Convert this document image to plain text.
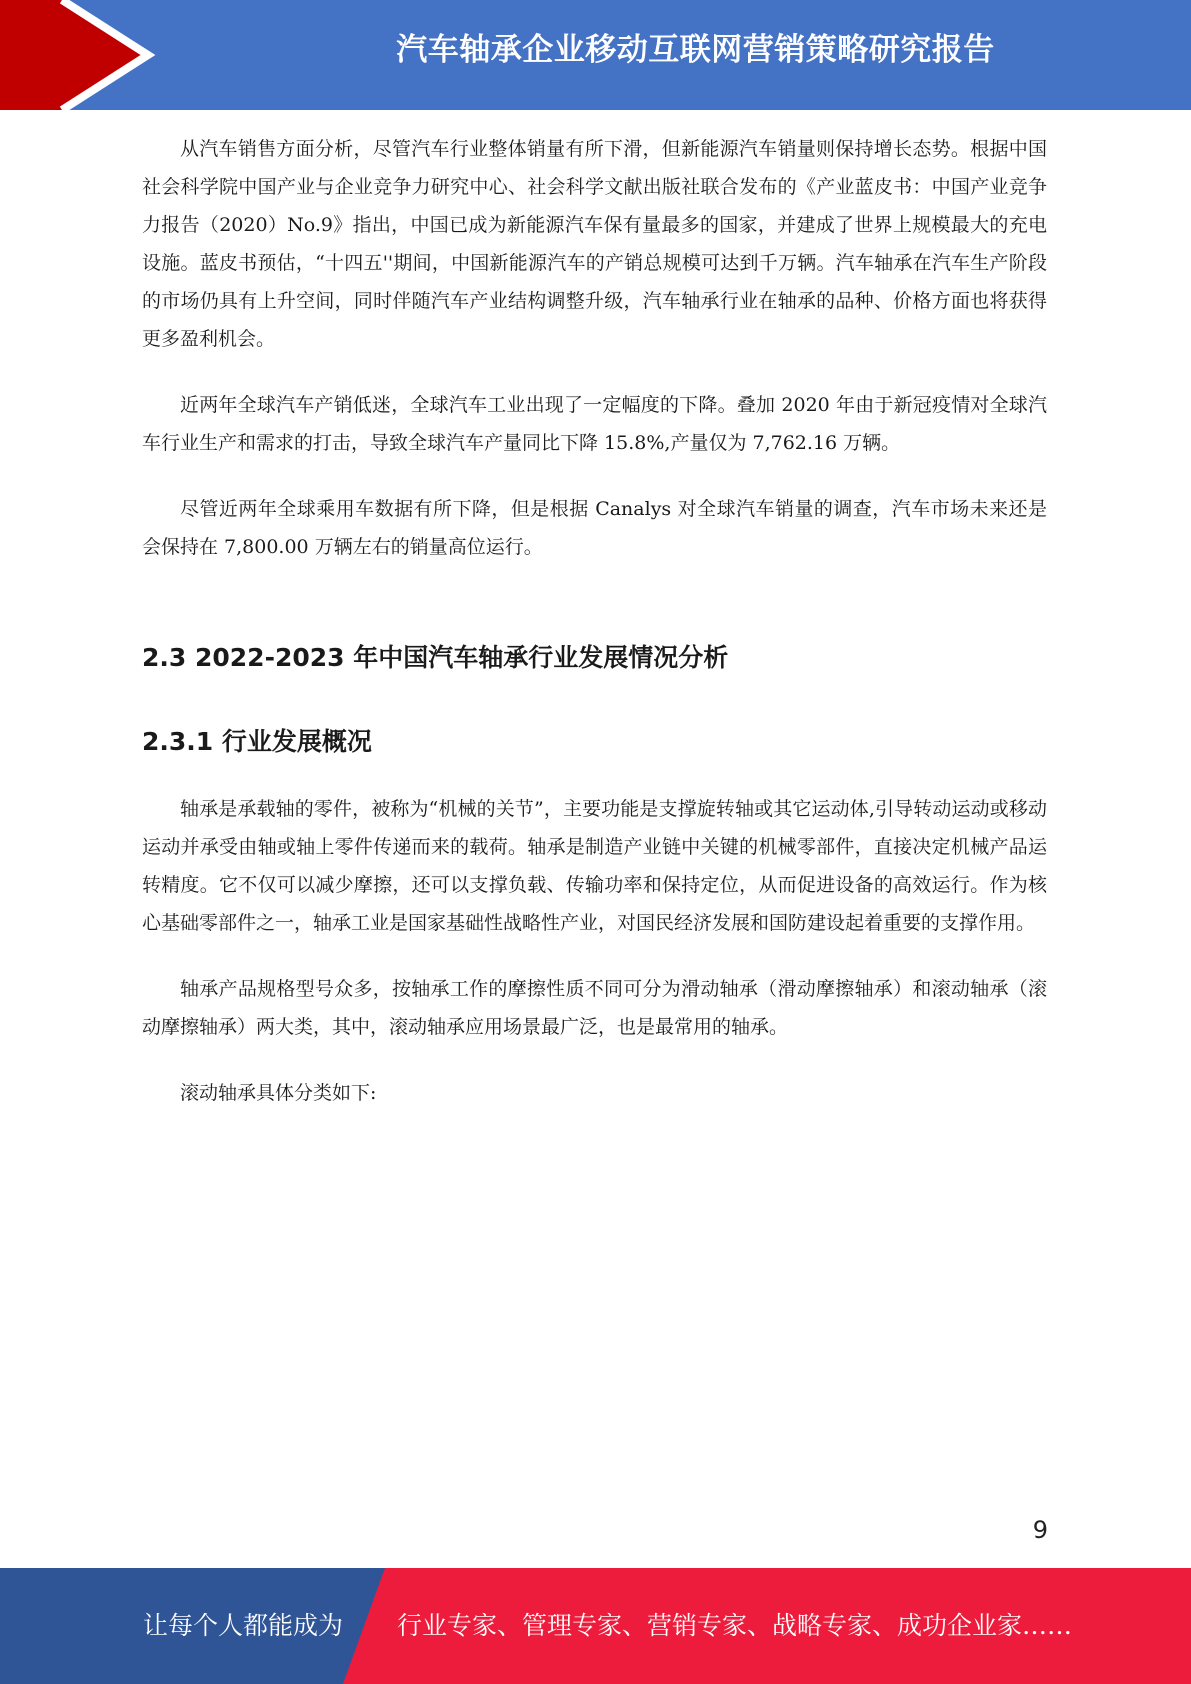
汽车轴承企业移动互联网营销策略研究报告

从汽车销售方面分析，尽管汽车行业整体销量有所下滑，但新能源汽车销量则保持增长态势。根据中国社会科学院中国产业与企业竞争力研究中心、社会科学文献出版社联合发布的《产业蓝皮书：中国产业竞争力报告（2020）No.9》指出，中国已成为新能源汽车保有量最多的国家，并建成了世界上规模最大的充电设施。蓝皮书预估，“十四五''期间，中国新能源汽车的产销总规模可达到千万辆。汽车轴承在汽车生产阶段的市场仍具有上升空间，同时伴随汽车产业结构调整升级，汽车轴承行业在轴承的品种、价格方面也将获得更多盈利机会。

近两年全球汽车产销低迷，全球汽车工业出现了一定幅度的下降。叠加 2020 年由于新冠疫情对全球汽车行业生产和需求的打击，导致全球汽车产量同比下降 15.8%,产量仅为 7,762.16 万辆。

尽管近两年全球乘用车数据有所下降，但是根据 Canalys 对全球汽车销量的调查，汽车市场未来还是会保持在 7,800.00 万辆左右的销量高位运行。

2.3 2022-2023 年中国汽车轴承行业发展情况分析
2.3.1 行业发展概况

轴承是承载轴的零件，被称为“机械的关节”，主要功能是支撑旋转轴或其它运动体,引导转动运动或移动运动并承受由轴或轴上零件传递而来的载荷。轴承是制造产业链中关键的机械零部件，直接决定机械产品运转精度。它不仅可以减少摩擦，还可以支撑负载、传输功率和保持定位，从而促进设备的高效运行。作为核心基础零部件之一，轴承工业是国家基础性战略性产业，对国民经济发展和国防建设起着重要的支撑作用。

轴承产品规格型号众多，按轴承工作的摩擦性质不同可分为滑动轴承（滑动摩擦轴承）和滚动轴承（滚动摩擦轴承）两大类，其中，滚动轴承应用场景最广泛，也是最常用的轴承。

滚动轴承具体分类如下:

9
让每个人都能成为 行业专家、管理专家、营销专家、战略专家、成功企业家……
